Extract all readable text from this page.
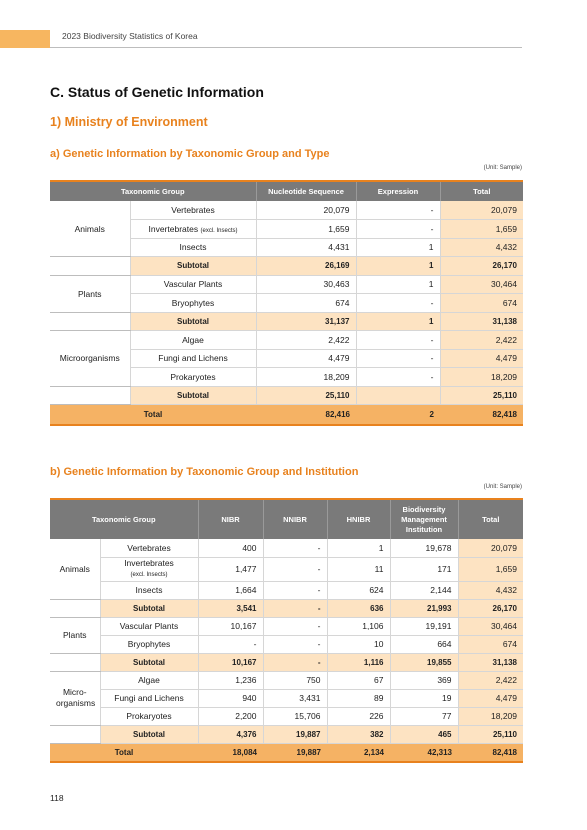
2023 Biodiversity Statistics of Korea
C. Status of Genetic Information
1) Ministry of Environment
a) Genetic Information by Taxonomic Group and Type
(Unit: Sample)
Taxonomic Group		Nucleotide Sequence	Expression	Total
Animals	Vertebrates	20,079	-	20,079
	Invertebrates (excl. Insects)	1,659	-	1,659
	Insects	4,431	1	4,432
	Subtotal	26,169	1	26,170
Plants	Vascular Plants	30,463	1	30,464
	Bryophytes	674	-	674
	Subtotal	31,137	1	31,138
Microorganisms	Algae	2,422	-	2,422
	Fungi and Lichens	4,479	-	4,479
	Prokaryotes	18,209	-	18,209
	Subtotal	25,110		25,110
Total		82,416	2	82,418
b) Genetic Information by Taxonomic Group and Institution
(Unit: Sample)
Taxonomic Group		NIBR	NNIBR	HNIBR	Biodiversity Management Institution	Total
Animals	Vertebrates	400	-	1	19,678	20,079
	Invertebrates
(excl. Insects)	1,477	-	11	171	1,659
	Insects	1,664	-	624	2,144	4,432
	Subtotal	3,541	-	636	21,993	26,170
Plants	Vascular Plants	10,167	-	1,106	19,191	30,464
	Bryophytes	-	-	10	664	674
	Subtotal	10,167	-	1,116	19,855	31,138
Micro-organisms	Algae	1,236	750	67	369	2,422
	Fungi and Lichens	940	3,431	89	19	4,479
	Prokaryotes	2,200	15,706	226	77	18,209
	Subtotal	4,376	19,887	382	465	25,110
Total		18,084	19,887	2,134	42,313	82,418
118
